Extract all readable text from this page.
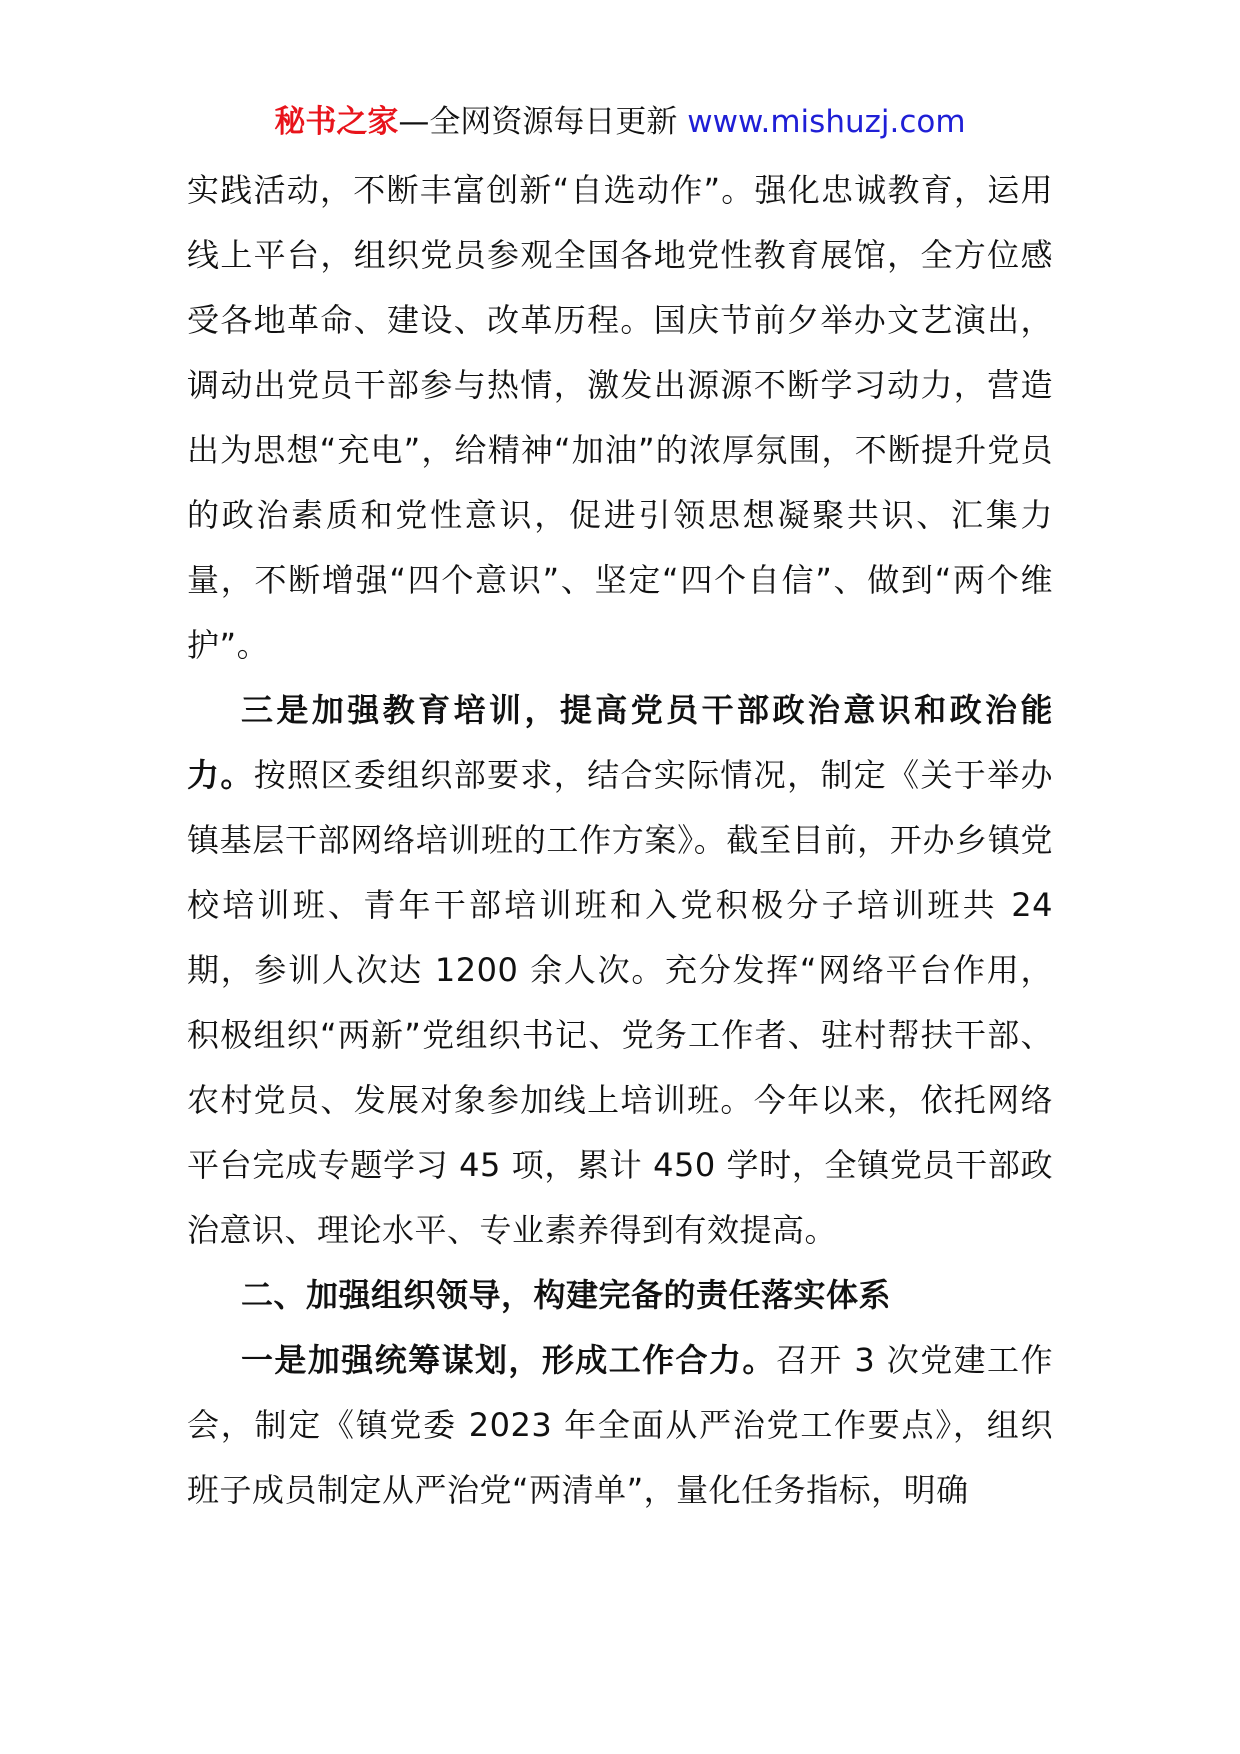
秘书之家—全网资源每日更新 www.mishuzj.com

实践活动，不断丰富创新“自选动作”。强化忠诚教育，运用线上平台，组织党员参观全国各地党性教育展馆，全方位感受各地革命、建设、改革历程。国庆节前夕举办文艺演出，调动出党员干部参与热情，激发出源源不断学习动力，营造出为思想“充电”，给精神“加油”的浓厚氛围，不断提升党员的政治素质和党性意识，促进引领思想凝聚共识、汇集力量，不断增强“四个意识”、坚定“四个自信”、做到“两个维护”。

三是加强教育培训，提高党员干部政治意识和政治能力。按照区委组织部要求，结合实际情况，制定《关于举办镇基层干部网络培训班的工作方案》。截至目前，开办乡镇党校培训班、青年干部培训班和入党积极分子培训班共 24 期，参训人次达 1200 余人次。充分发挥“网络平台作用，积极组织“两新”党组织书记、党务工作者、驻村帮扶干部、农村党员、发展对象参加线上培训班。今年以来，依托网络平台完成专题学习 45 项，累计 450 学时，全镇党员干部政治意识、理论水平、专业素养得到有效提高。

二、加强组织领导，构建完备的责任落实体系

一是加强统筹谋划，形成工作合力。召开 3 次党建工作会，制定《镇党委 2023 年全面从严治党工作要点》，组织班子成员制定从严治党“两清单”，量化任务指标，明确
